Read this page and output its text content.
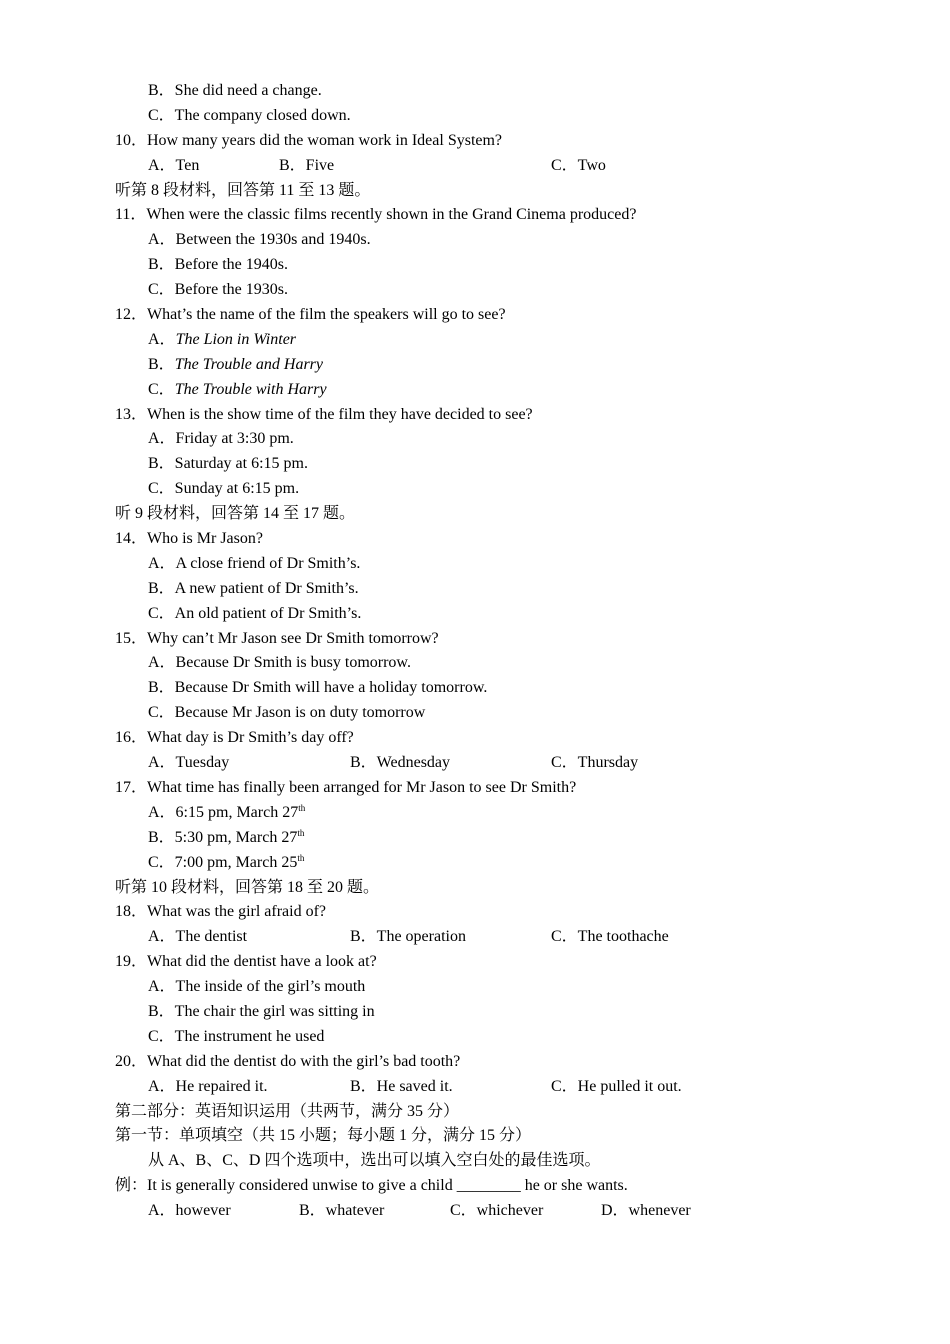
B．She did need a change.
C．The company closed down.
10．How many years did the woman work in Ideal System?
A．Ten	B．Five	C．Two
听第 8 段材料，回答第 11 至 13 题。
11．When were the classic films recently shown in the Grand Cinema produced?
A．Between the 1930s and 1940s.
B．Before the 1940s.
C．Before the 1930s.
12．What’s the name of the film the speakers will go to see?
A．The Lion in Winter
B．The Trouble and Harry
C．The Trouble with Harry
13．When is the show time of the film they have decided to see?
A．Friday at 3:30 pm.
B．Saturday at 6:15 pm.
C．Sunday at 6:15 pm.
听 9 段材料，回答第 14 至 17 题。
14．Who is Mr Jason?
A．A close friend of Dr Smith’s.
B．A new patient of Dr Smith’s.
C．An old patient of Dr Smith’s.
15．Why can’t Mr Jason see Dr Smith tomorrow?
A．Because Dr Smith is busy tomorrow.
B．Because Dr Smith will have a holiday tomorrow.
C．Because Mr Jason is on duty tomorrow
16．What day is Dr Smith’s day off?
A．Tuesday	B．Wednesday	C．Thursday
17．What time has finally been arranged for Mr Jason to see Dr Smith?
A．6:15 pm, March 27th
B．5:30 pm, March 27th
C．7:00 pm, March 25th
听第 10 段材料，回答第 18 至 20 题。
18．What was the girl afraid of?
A．The dentist	B．The operation	C．The toothache
19．What did the dentist have a look at?
A．The inside of the girl’s mouth
B．The chair the girl was sitting in
C．The instrument he used
20．What did the dentist do with the girl’s bad tooth?
A．He repaired it.	B．He saved it.	C．He pulled it out.
第二部分：英语知识运用（共两节，满分 35 分）
第一节：单项填空（共 15 小题；每小题 1 分，满分 15 分）
从 A、B、C、D 四个选项中，选出可以填入空白处的最佳选项。
例：It is generally considered unwise to give a child ________ he or she wants.
A．however	B．whatever	C．whichever	D．whenever
